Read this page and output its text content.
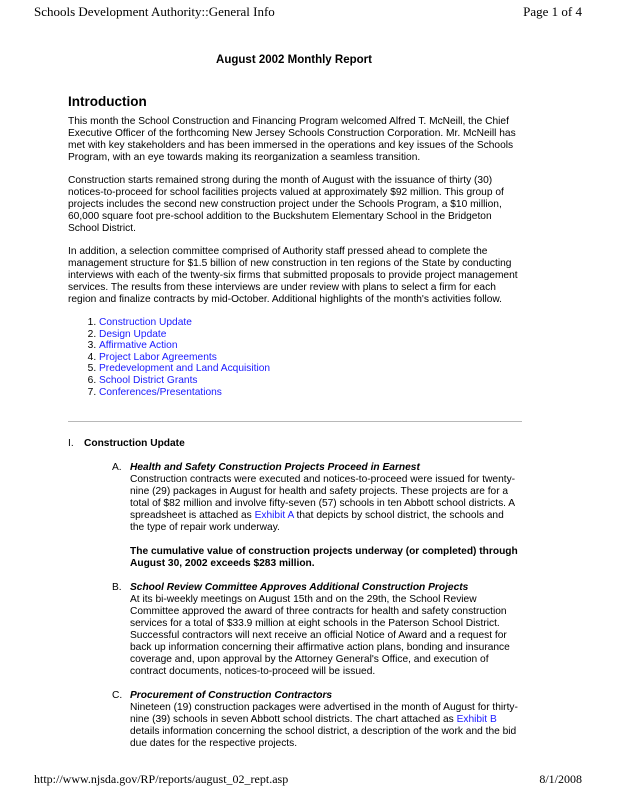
Schools Development Authority::General Info	Page 1 of 4
August 2002 Monthly Report
Introduction

This month the School Construction and Financing Program welcomed Alfred T. McNeill, the Chief Executive Officer of the forthcoming New Jersey Schools Construction Corporation. Mr. McNeill has met with key stakeholders and has been immersed in the operations and key issues of the Schools Program, with an eye towards making its reorganization a seamless transition.

Construction starts remained strong during the month of August with the issuance of thirty (30) notices-to-proceed for school facilities projects valued at approximately $92 million. This group of projects includes the second new construction project under the Schools Program, a $10 million, 60,000 square foot pre-school addition to the Buckshutem Elementary School in the Bridgeton School District.

In addition, a selection committee comprised of Authority staff pressed ahead to complete the management structure for $1.5 billion of new construction in ten regions of the State by conducting interviews with each of the twenty-six firms that submitted proposals to provide project management services. The results from these interviews are under review with plans to select a firm for each region and finalize contracts by mid-October. Additional highlights of the month's activities follow.

1. Construction Update
2. Design Update
3. Affirmative Action
4. Project Labor Agreements
5. Predevelopment and Land Acquisition
6. School District Grants
7. Conferences/Presentations
I. Construction Update
A. Health and Safety Construction Projects Proceed in Earnest

Construction contracts were executed and notices-to-proceed were issued for twenty-nine (29) packages in August for health and safety projects. These projects are for a total of $82 million and involve fifty-seven (57) schools in ten Abbott school districts. A spreadsheet is attached as Exhibit A that depicts by school district, the schools and the type of repair work underway.

The cumulative value of construction projects underway (or completed) through August 30, 2002 exceeds $283 million.

B. School Review Committee Approves Additional Construction Projects

At its bi-weekly meetings on August 15th and on the 29th, the School Review Committee approved the award of three contracts for health and safety construction services for a total of $33.9 million at eight schools in the Paterson School District. Successful contractors will next receive an official Notice of Award and a request for back up information concerning their affirmative action plans, bonding and insurance coverage and, upon approval by the Attorney General's Office, and execution of contract documents, notices-to-proceed will be issued.

C. Procurement of Construction Contractors

Nineteen (19) construction packages were advertised in the month of August for thirty-nine (39) schools in seven Abbott school districts. The chart attached as Exhibit B details information concerning the school district, a description of the work and the bid due dates for the respective projects.

http://www.njsda.gov/RP/reports/august_02_rept.asp	8/1/2008
